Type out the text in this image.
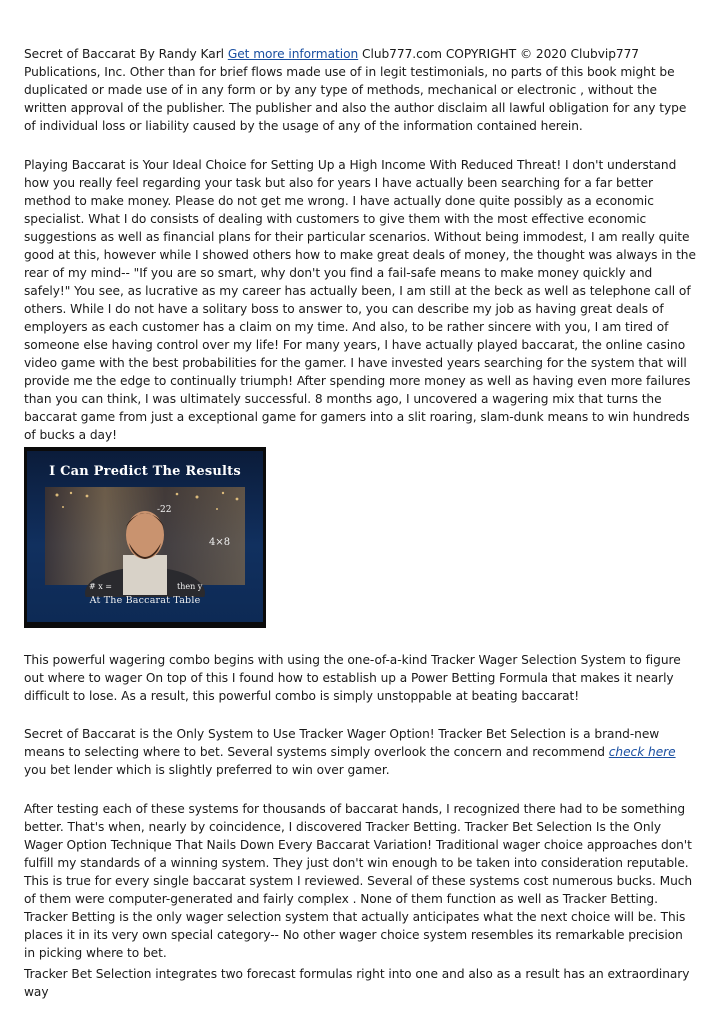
Secret of Baccarat By Randy Karl Get more information Club777.com COPYRIGHT © 2020 Clubvip777 Publications, Inc. Other than for brief flows made use of in legit testimonials, no parts of this book might be duplicated or made use of in any form or by any type of methods, mechanical or electronic , without the written approval of the publisher. The publisher and also the author disclaim all lawful obligation for any type of individual loss or liability caused by the usage of any of the information contained herein.

Playing Baccarat is Your Ideal Choice for Setting Up a High Income With Reduced Threat! I don't understand how you really feel regarding your task but also for years I have actually been searching for a far better method to make money. Please do not get me wrong. I have actually done quite possibly as a economic specialist. What I do consists of dealing with customers to give them with the most effective economic suggestions as well as financial plans for their particular scenarios. Without being immodest, I am really quite good at this, however while I showed others how to make great deals of money, the thought was always in the rear of my mind-- "If you are so smart, why don't you find a fail-safe means to make money quickly and safely!" You see, as lucrative as my career has actually been, I am still at the beck as well as telephone call of others. While I do not have a solitary boss to answer to, you can describe my job as having great deals of employers as each customer has a claim on my time. And also, to be rather sincere with you, I am tired of someone else having control over my life! For many years, I have actually played baccarat, the online casino video game with the best probabilities for the gamer. I have invested years searching for the system that will provide me the edge to continually triumph! After spending more money as well as having even more failures than you can think, I was ultimately successful. 8 months ago, I uncovered a wagering mix that turns the baccarat game from just a exceptional game for gamers into a slit roaring, slam-dunk means to win hundreds of bucks a day!

I Can Predict The Results
-22
4×8
then y
# x =
At The Baccarat Table

This powerful wagering combo begins with using the one-of-a-kind Tracker Wager Selection System to figure out where to wager On top of this I found how to establish up a Power Betting Formula that makes it nearly difficult to lose. As a result, this powerful combo is simply unstoppable at beating baccarat!

Secret of Baccarat is the Only System to Use Tracker Wager Option! Tracker Bet Selection is a brand-new means to selecting where to bet. Several systems simply overlook the concern and recommend check here you bet lender which is slightly preferred to win over gamer.

After testing each of these systems for thousands of baccarat hands, I recognized there had to be something better. That's when, nearly by coincidence, I discovered Tracker Betting. Tracker Bet Selection Is the Only Wager Option Technique That Nails Down Every Baccarat Variation! Traditional wager choice approaches don't fulfill my standards of a winning system. They just don't win enough to be taken into consideration reputable. This is true for every single baccarat system I reviewed. Several of these systems cost numerous bucks. Much of them were computer-generated and fairly complex . None of them function as well as Tracker Betting. Tracker Betting is the only wager selection system that actually anticipates what the next choice will be. This places it in its very own special category-- No other wager choice system resembles its remarkable precision in picking where to bet.

Tracker Bet Selection integrates two forecast formulas right into one and also as a result has an extraordinary way
